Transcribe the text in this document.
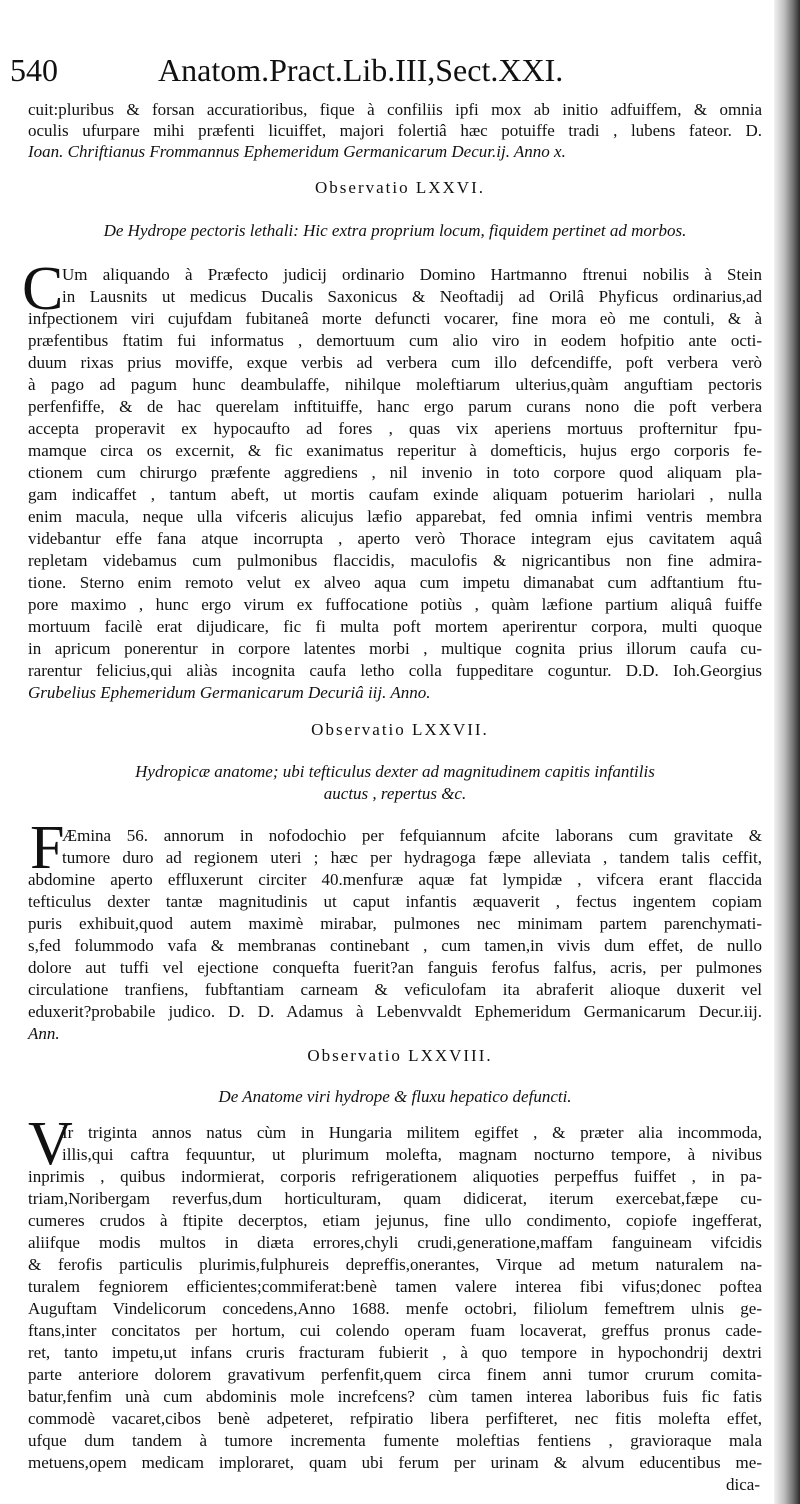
540	Anatom.Pract.Lib.III,Sect.XXI.
cuit:pluribus & forsan accuratioribus, fique à confiliis ipfi mox ab initio adfuiffem, & omnia
oculis ufurpare mihi præfenti licuiffet, majori folertiâ hæc potuiffe tradi , lubens fateor. D.
Ioan. Chriftianus Frommannus Ephemeridum Germanicarum Decur.ij. Anno x.
Observatio LXXVI.
De Hydrope pectoris lethali: Hic extra proprium locum, fiquidem pertinet ad morbos.
C
Um aliquando à Præfecto judicij ordinario Domino Hartmanno ftrenui nobilis à Stein
in Lausnits ut medicus Ducalis Saxonicus & Neoftadij ad Orilâ Phyficus ordinarius,ad
infpectionem viri cujufdam fubitaneâ morte defuncti vocarer, fine mora eò me contuli, & à
præfentibus ftatim fui informatus , demortuum cum alio viro in eodem hofpitio ante octi-
duum rixas prius moviffe, exque verbis ad verbera cum illo defcendiffe, poft verbera verò
à pago ad pagum hunc deambulaffe, nihilque moleftiarum ulterius,quàm anguftiam pectoris
perfenfiffe, & de hac querelam inftituiffe, hanc ergo parum curans nono die poft verbera
accepta properavit ex hypocaufto ad fores , quas vix aperiens mortuus profternitur fpu-
mamque circa os excernit, & fic exanimatus reperitur à domefticis, hujus ergo corporis fe-
ctionem cum chirurgo præfente aggrediens , nil invenio in toto corpore quod aliquam pla-
gam indicaffet , tantum abeft, ut mortis caufam exinde aliquam potuerim hariolari , nulla
enim macula, neque ulla vifceris alicujus læfio apparebat, fed omnia infimi ventris membra
videbantur effe fana atque incorrupta , aperto verò Thorace integram ejus cavitatem aquâ
repletam videbamus cum pulmonibus flaccidis, maculofis & nigricantibus non fine admira-
tione. Sterno enim remoto velut ex alveo aqua cum impetu dimanabat cum adftantium ftu-
pore maximo , hunc ergo virum ex fuffocatione potiùs , quàm læfione partium aliquâ fuiffe
mortuum facilè erat dijudicare, fic fi multa poft mortem aperirentur corpora, multi quoque
in apricum ponerentur in corpore latentes morbi , multique cognita prius illorum caufa cu-
rarentur felicius,qui aliàs incognita caufa letho colla fuppeditare coguntur. D.D. Ioh.Georgius
Grubelius Ephemeridum Germanicarum Decuriâ iij. Anno.
Observatio LXXVII.
Hydropicæ anatome; ubi tefticulus dexter ad magnitudinem capitis infantilis
auctus , repertus &c.
F
Æmina 56. annorum in nofodochio per fefquiannum afcite laborans cum gravitate &
tumore duro ad regionem uteri ; hæc per hydragoga fæpe alleviata , tandem talis ceffit,
abdomine aperto effluxerunt circiter 40.menfuræ aquæ fat lympidæ , vifcera erant flaccida
tefticulus dexter tantæ magnitudinis ut caput infantis æquaverit , fectus ingentem copiam
puris exhibuit,quod autem maximè mirabar, pulmones nec minimam partem parenchymati-
s,fed folummodo vafa & membranas continebant , cum tamen,in vivis dum effet, de nullo
dolore aut tuffi vel ejectione conquefta fuerit?an fanguis ferofus falfus, acris, per pulmones
circulatione tranfiens, fubftantiam carneam & veficulofam ita abraferit alioque duxerit vel
eduxerit?probabile judico. D. D. Adamus à Lebenvvaldt Ephemeridum Germanicarum Decur.iij.
Ann.
Observatio LXXVIII.
De Anatome viri hydrope & fluxu hepatico defuncti.
V
Ir triginta annos natus cùm in Hungaria militem egiffet , & præter alia incommoda,
illis,qui caftra fequuntur, ut plurimum molefta, magnam nocturno tempore, à nivibus
inprimis , quibus indormierat, corporis refrigerationem aliquoties perpeffus fuiffet , in pa-
triam,Noribergam reverfus,dum horticulturam, quam didicerat, iterum exercebat,fæpe cu-
cumeres crudos à ftipite decerptos, etiam jejunus, fine ullo condimento, copiofe ingefferat,
aliifque modis multos in diæta errores,chyli crudi,generatione,maffam fanguineam vifcidis
& ferofis particulis plurimis,fulphureis depreffis,onerantes, Virque ad metum naturalem na-
turalem fegniorem efficientes;commiferat:benè tamen valere interea fibi vifus;donec poftea
Auguftam Vindelicorum concedens,Anno 1688. menfe octobri, filiolum femeftrem ulnis ge-
ftans,inter concitatos per hortum, cui colendo operam fuam locaverat, greffus pronus cade-
ret, tanto impetu,ut infans cruris fracturam fubierit , à quo tempore in hypochondrij dextri
parte anteriore dolorem gravativum perfenfit,quem circa finem anni tumor crurum comita-
batur,fenfim unà cum abdominis mole increfcens? cùm tamen interea laboribus fuis fic fatis
commodè vacaret,cibos benè adpeteret, refpiratio libera perfifteret, nec fitis molefta effet,
ufque dum tandem à tumore incrementa fumente moleftias fentiens , gravioraque mala
metuens,opem medicam imploraret, quam ubi ferum per urinam & alvum educentibus me-
dica-
